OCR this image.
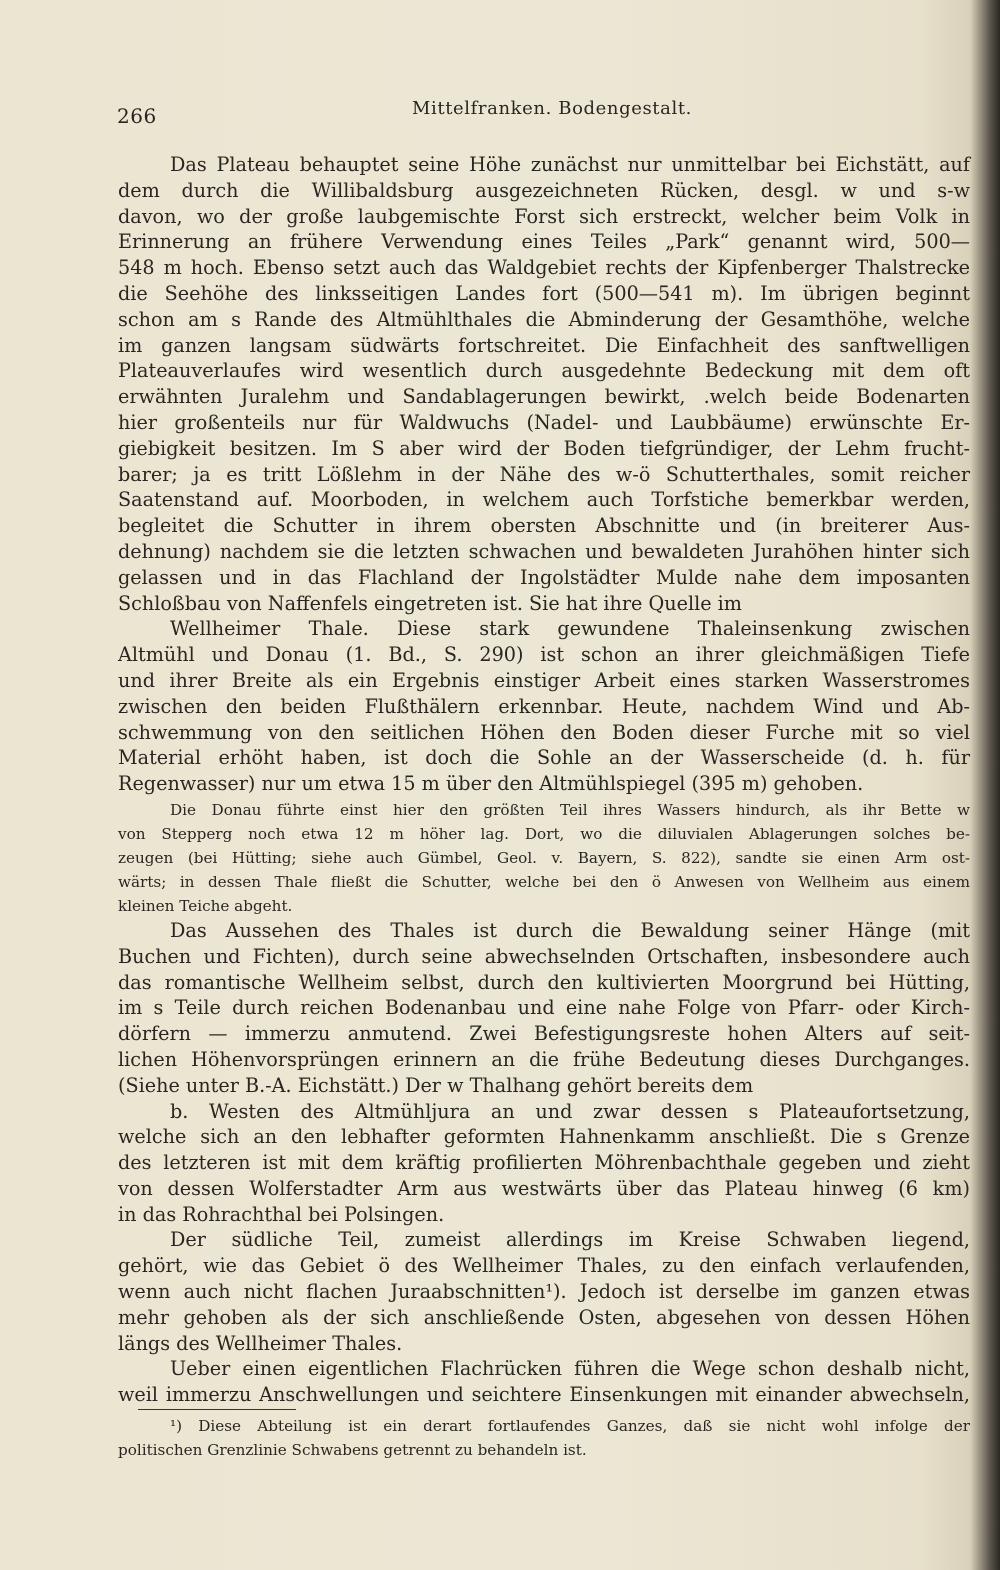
266	Mittelfranken. Bodengestalt.
Das Plateau behauptet seine Höhe zunächst nur unmittelbar bei Eichstätt, auf
dem durch die Willibaldsburg ausgezeichneten Rücken, desgl. w und s-w
davon, wo der große laubgemischte Forst sich erstreckt, welcher beim Volk in
Erinnerung an frühere Verwendung eines Teiles „Park“ genannt wird, 500—
548 m hoch. Ebenso setzt auch das Waldgebiet rechts der Kipfenberger Thalstrecke
die Seehöhe des linksseitigen Landes fort (500—541 m). Im übrigen beginnt
schon am s Rande des Altmühlthales die Abminderung der Gesamthöhe, welche
im ganzen langsam südwärts fortschreitet. Die Einfachheit des sanftwelligen
Plateauverlaufes wird wesentlich durch ausgedehnte Bedeckung mit dem oft
erwähnten Juralehm und Sandablagerungen bewirkt, .welch beide Bodenarten
hier großenteils nur für Waldwuchs (Nadel- und Laubbäume) erwünschte Er-
giebigkeit besitzen. Im S aber wird der Boden tiefgründiger, der Lehm frucht-
barer; ja es tritt Lößlehm in der Nähe des w-ö Schutterthales, somit reicher
Saatenstand auf. Moorboden, in welchem auch Torfstiche bemerkbar werden,
begleitet die Schutter in ihrem obersten Abschnitte und (in breiterer Aus-
dehnung) nachdem sie die letzten schwachen und bewaldeten Jurahöhen hinter sich
gelassen und in das Flachland der Ingolstädter Mulde nahe dem imposanten
Schloßbau von Naffenfels eingetreten ist. Sie hat ihre Quelle im
Wellheimer Thale. Diese stark gewundene Thaleinsenkung zwischen
Altmühl und Donau (1. Bd., S. 290) ist schon an ihrer gleichmäßigen Tiefe
und ihrer Breite als ein Ergebnis einstiger Arbeit eines starken Wasserstromes
zwischen den beiden Flußthälern erkennbar. Heute, nachdem Wind und Ab-
schwemmung von den seitlichen Höhen den Boden dieser Furche mit so viel
Material erhöht haben, ist doch die Sohle an der Wasserscheide (d. h. für
Regenwasser) nur um etwa 15 m über den Altmühlspiegel (395 m) gehoben.
Die Donau führte einst hier den größten Teil ihres Wassers hindurch, als ihr Bette w
von Stepperg noch etwa 12 m höher lag. Dort, wo die diluvialen Ablagerungen solches be-
zeugen (bei Hütting; siehe auch Gümbel, Geol. v. Bayern, S. 822), sandte sie einen Arm ost-
wärts; in dessen Thale fließt die Schutter, welche bei den ö Anwesen von Wellheim aus einem
kleinen Teiche abgeht.
Das Aussehen des Thales ist durch die Bewaldung seiner Hänge (mit
Buchen und Fichten), durch seine abwechselnden Ortschaften, insbesondere auch
das romantische Wellheim selbst, durch den kultivierten Moorgrund bei Hütting,
im s Teile durch reichen Bodenanbau und eine nahe Folge von Pfarr- oder Kirch-
dörfern — immerzu anmutend. Zwei Befestigungsreste hohen Alters auf seit-
lichen Höhenvorsprüngen erinnern an die frühe Bedeutung dieses Durchganges.
(Siehe unter B.-A. Eichstätt.) Der w Thalhang gehört bereits dem
b. Westen des Altmühljura an und zwar dessen s Plateaufortsetzung,
welche sich an den lebhafter geformten Hahnenkamm anschließt. Die s Grenze
des letzteren ist mit dem kräftig profilierten Möhrenbachthale gegeben und zieht
von dessen Wolferstadter Arm aus westwärts über das Plateau hinweg (6 km)
in das Rohrachthal bei Polsingen.
Der südliche Teil, zumeist allerdings im Kreise Schwaben liegend,
gehört, wie das Gebiet ö des Wellheimer Thales, zu den einfach verlaufenden,
wenn auch nicht flachen Juraabschnitten¹). Jedoch ist derselbe im ganzen etwas
mehr gehoben als der sich anschließende Osten, abgesehen von dessen Höhen
längs des Wellheimer Thales.
Ueber einen eigentlichen Flachrücken führen die Wege schon deshalb nicht,
weil immerzu Anschwellungen und seichtere Einsenkungen mit einander abwechseln,
¹) Diese Abteilung ist ein derart fortlaufendes Ganzes, daß sie nicht wohl infolge der
politischen Grenzlinie Schwabens getrennt zu behandeln ist.
